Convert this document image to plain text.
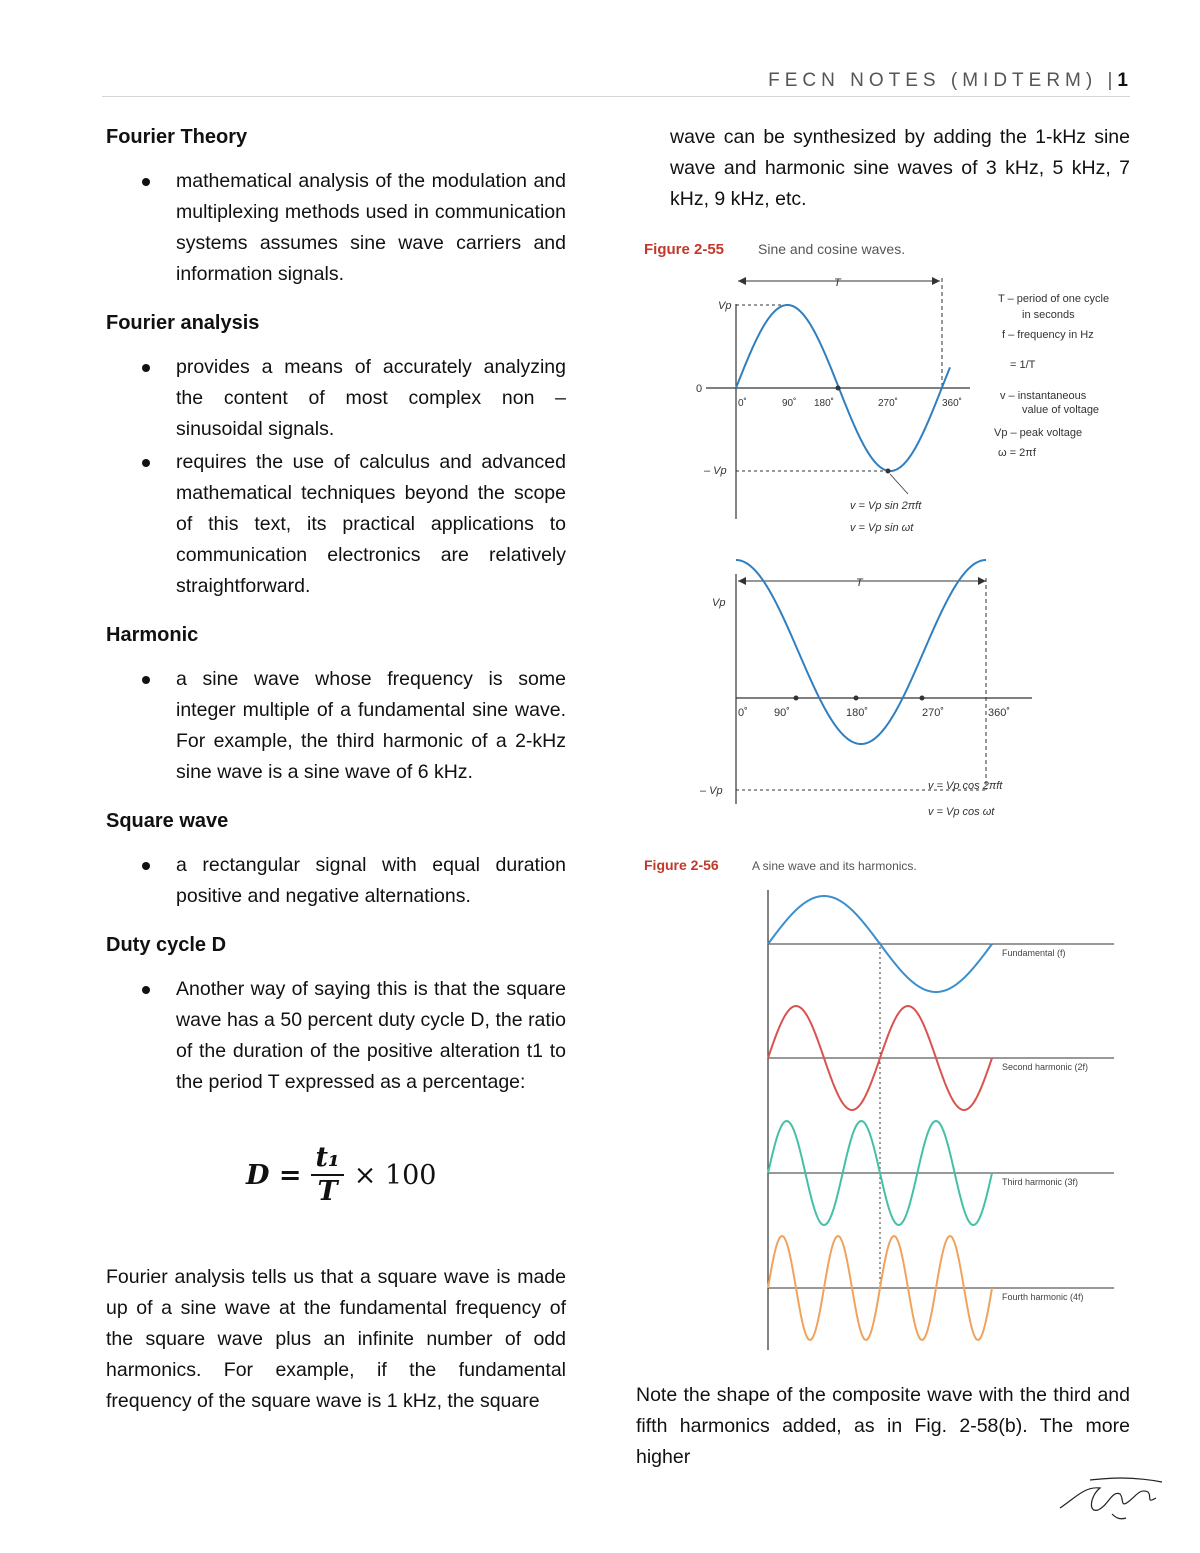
FECN NOTES (MIDTERM) |1
Fourier Theory
mathematical analysis of the modulation and multiplexing methods used in communication systems assumes sine wave carriers and information signals.
Fourier analysis
provides a means of accurately analyzing the content of most complex non – sinusoidal signals.
requires the use of calculus and advanced mathematical techniques beyond the scope of this text, its practical applications to communication electronics are relatively straightforward.
Harmonic
a sine wave whose frequency is some integer multiple of a fundamental sine wave. For example, the third harmonic of a 2-kHz sine wave is a sine wave of 6 kHz.
Square wave
a rectangular signal with equal duration positive and negative alternations.
Duty cycle D
Another way of saying this is that the square wave has a 50 percent duty cycle D, the ratio of the duration of the positive alteration t1 to the period T expressed as a percentage:
$D = \frac{\text{t₁}}{T} \times 100$

Fourier analysis tells us that a square wave is made up of a sine wave at the fundamental frequency of the square wave plus an infinite number of odd harmonics. For example, if the fundamental frequency of the square wave is 1 kHz, the square

wave can be synthesized by adding the 1-kHz sine wave and harmonic sine waves of 3 kHz, 5 kHz, 7 kHz, 9 kHz, etc.

Figure 2-55 Sine and cosine waves.
T
Vp
– Vp
0
0˚	90˚ 180˚	270˚	360˚
v = Vp sin 2πft
v = Vp sin ωt
T – period of one cycle
in seconds
f – frequency in Hz
= 1/T
v – instantaneous
value of voltage
Vp – peak voltage
ω = 2πf
T
Vp
– Vp
0˚ 90˚	180˚	270˚	360˚
v = Vp cos 2πft
v = Vp cos ωt
Figure 2-56	A sine wave and its harmonics.
Fundamental (f)
Second harmonic (2f)
Third harmonic (3f)
Fourth harmonic (4f)

Note the shape of the composite wave with the third and fifth harmonics added, as in Fig. 2-58(b). The more higher
